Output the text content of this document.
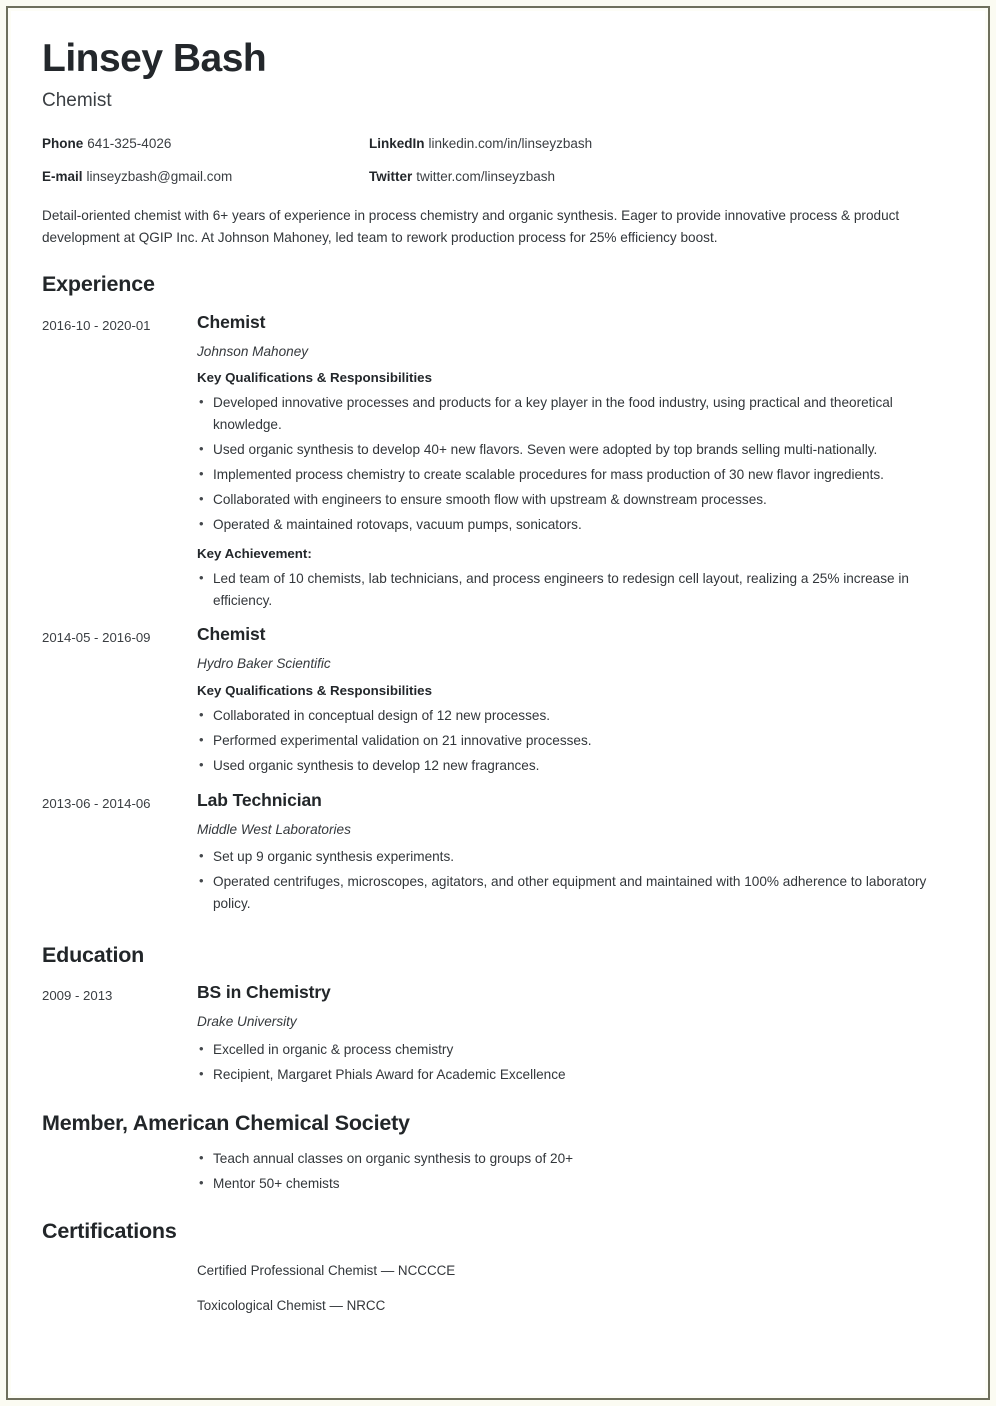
Linsey Bash
Chemist
Phone 641-325-4026
E-mail linseyzbash@gmail.com
LinkedIn linkedin.com/in/linseyzbash
Twitter twitter.com/linseyzbash
Detail-oriented chemist with 6+ years of experience in process chemistry and organic synthesis. Eager to provide innovative process & product development at QGIP Inc. At Johnson Mahoney, led team to rework production process for 25% efficiency boost.
Experience
2016-10 - 2020-01	Chemist
Johnson Mahoney
Key Qualifications & Responsibilities
• Developed innovative processes and products for a key player in the food industry, using practical and theoretical knowledge.
• Used organic synthesis to develop 40+ new flavors. Seven were adopted by top brands selling multi-nationally.
• Implemented process chemistry to create scalable procedures for mass production of 30 new flavor ingredients.
• Collaborated with engineers to ensure smooth flow with upstream & downstream processes.
• Operated & maintained rotovaps, vacuum pumps, sonicators.
Key Achievement:
• Led team of 10 chemists, lab technicians, and process engineers to redesign cell layout, realizing a 25% increase in efficiency.
2014-05 - 2016-09	Chemist
Hydro Baker Scientific
Key Qualifications & Responsibilities
• Collaborated in conceptual design of 12 new processes.
• Performed experimental validation on 21 innovative processes.
• Used organic synthesis to develop 12 new fragrances.
2013-06 - 2014-06	Lab Technician
Middle West Laboratories
• Set up 9 organic synthesis experiments.
• Operated centrifuges, microscopes, agitators, and other equipment and maintained with 100% adherence to laboratory policy.
Education
2009 - 2013	BS in Chemistry
Drake University
• Excelled in organic & process chemistry
• Recipient, Margaret Phials Award for Academic Excellence
Member, American Chemical Society
• Teach annual classes on organic synthesis to groups of 20+
• Mentor 50+ chemists
Certifications
Certified Professional Chemist — NCCCCE
Toxicological Chemist — NRCC
